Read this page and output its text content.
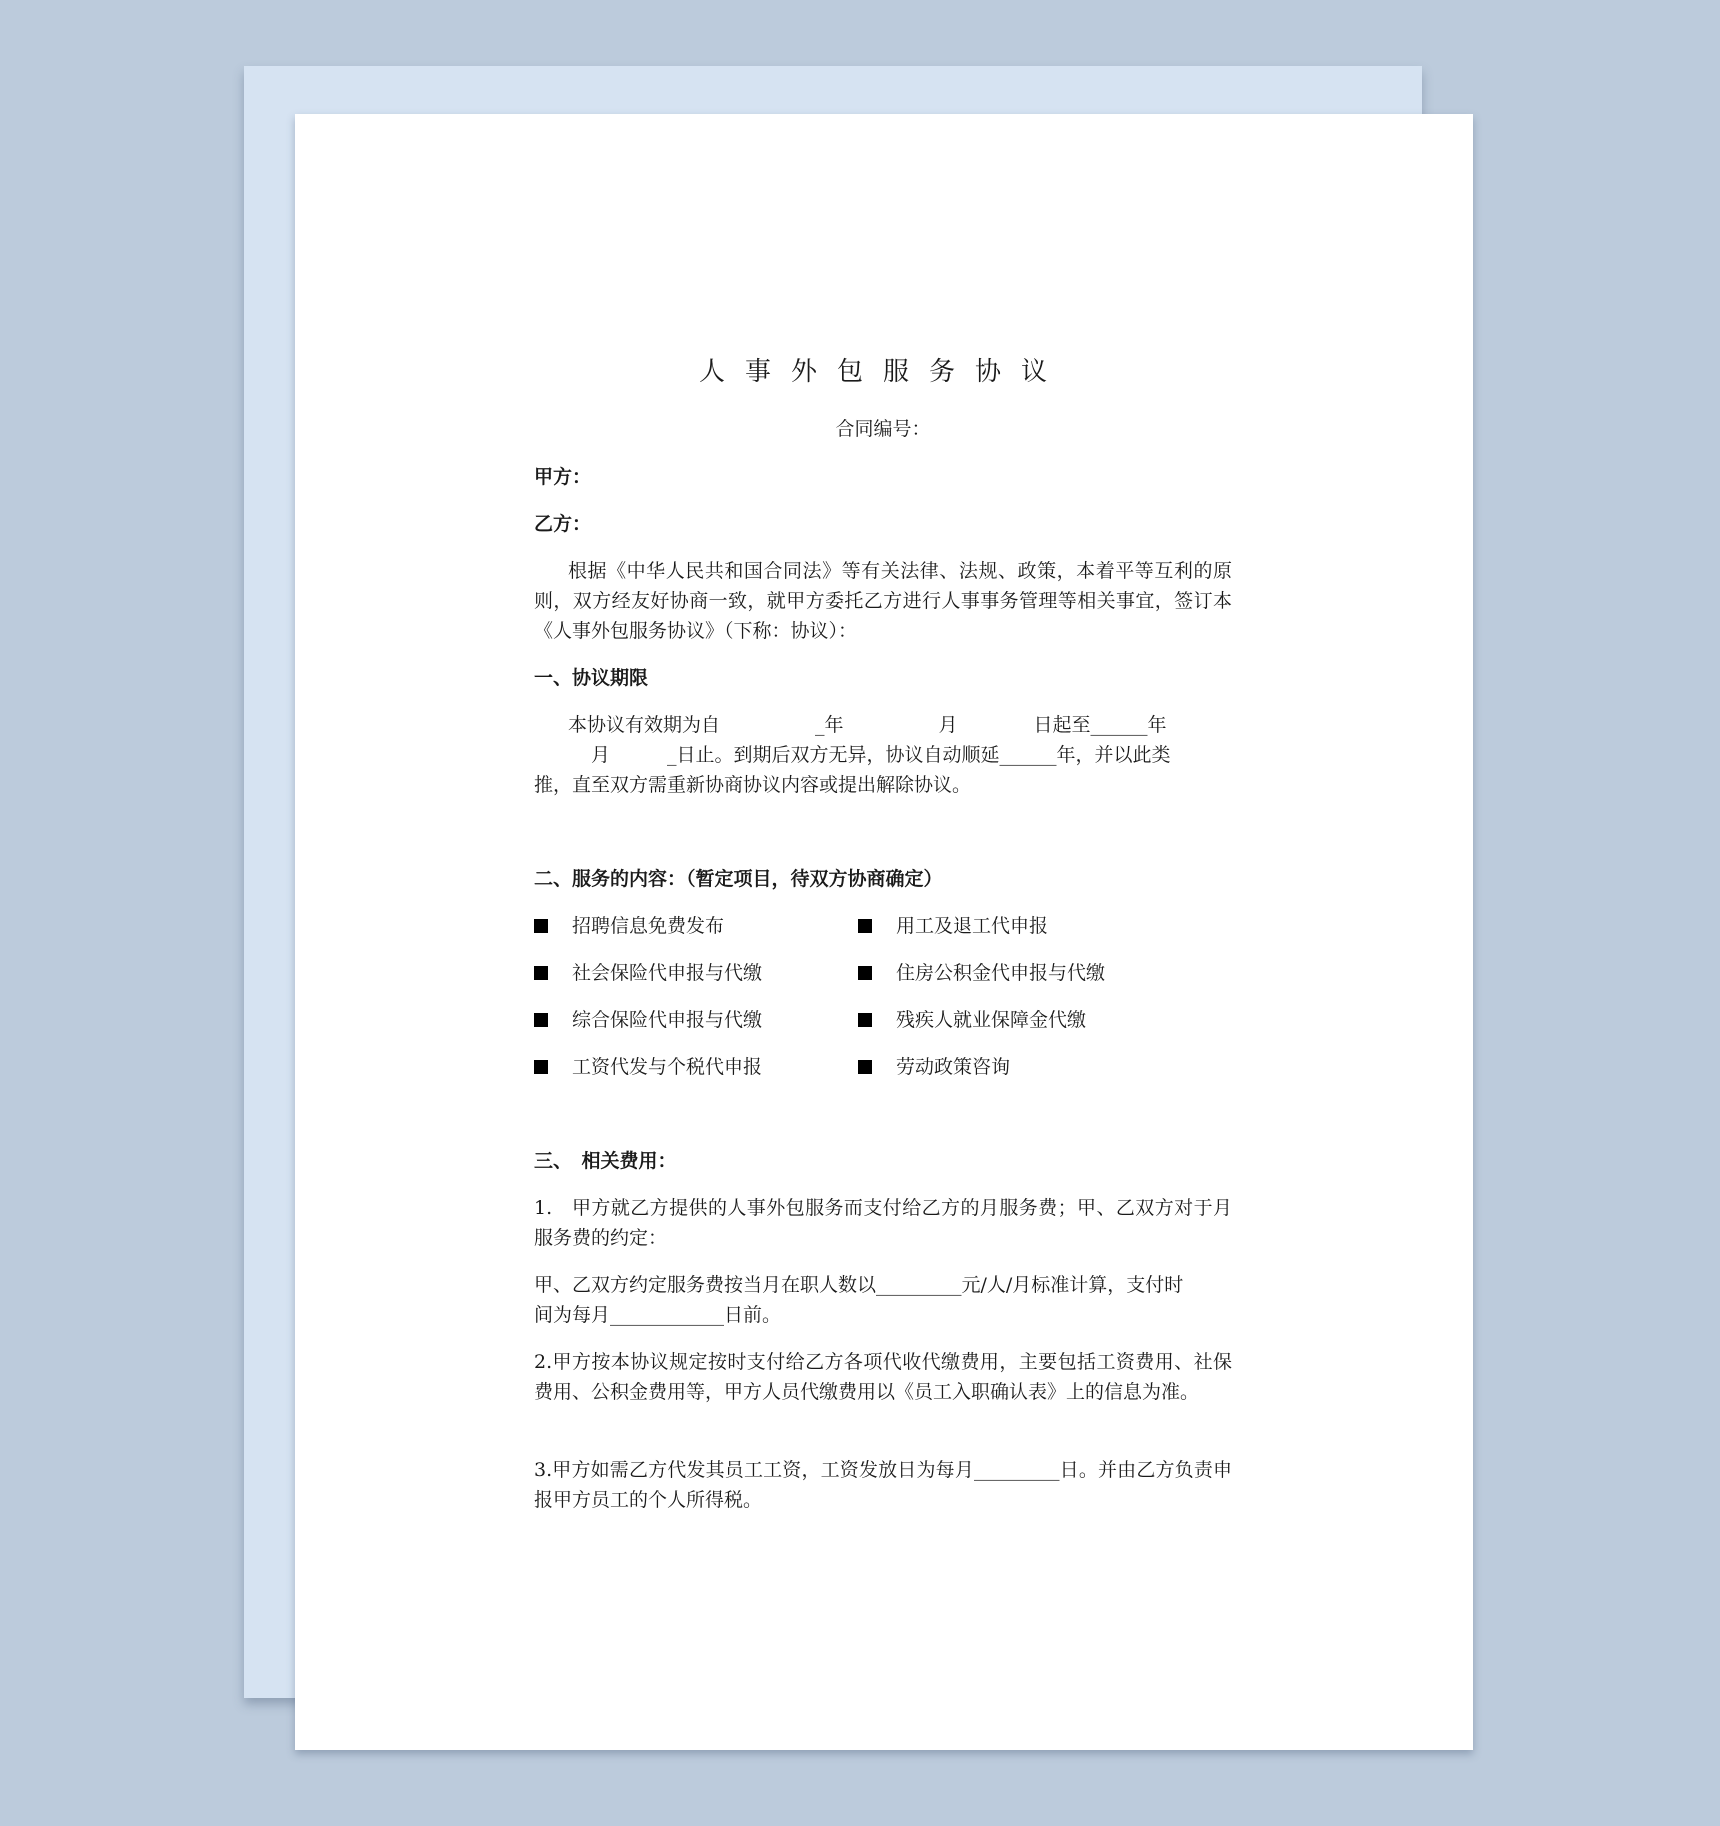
人事外包服务协议
合同编号：
甲方：
乙方：
根据《中华人民共和国合同法》等有关法律、法规、政策，本着平等互利的原则，双方经友好协商一致，就甲方委托乙方进行人事事务管理等相关事宜，签订本《人事外包服务协议》（下称：协议）：
一、协议期限
本协议有效期为自　　　　　_年　　　　　月　　　　日起至______年
　　　月　　　_日止。到期后双方无异，协议自动顺延______年，并以此类
推，直至双方需重新协商协议内容或提出解除协议。
二、服务的内容：（暂定项目，待双方协商确定）
招聘信息免费发布	用工及退工代申报
社会保险代申报与代缴	住房公积金代申报与代缴
综合保险代申报与代缴	残疾人就业保障金代缴
工资代发与个税代申报	劳动政策咨询
三、　相关费用：
1.　甲方就乙方提供的人事外包服务而支付给乙方的月服务费；甲、乙双方对于月服务费的约定：
甲、乙双方约定服务费按当月在职人数以_________元/人/月标准计算，支付时
间为每月____________日前。
2.甲方按本协议规定按时支付给乙方各项代收代缴费用，主要包括工资费用、社保费用、公积金费用等，甲方人员代缴费用以《员工入职确认表》上的信息为准。
3.甲方如需乙方代发其员工工资，工资发放日为每月_________日。并由乙方负责申报甲方员工的个人所得税。
